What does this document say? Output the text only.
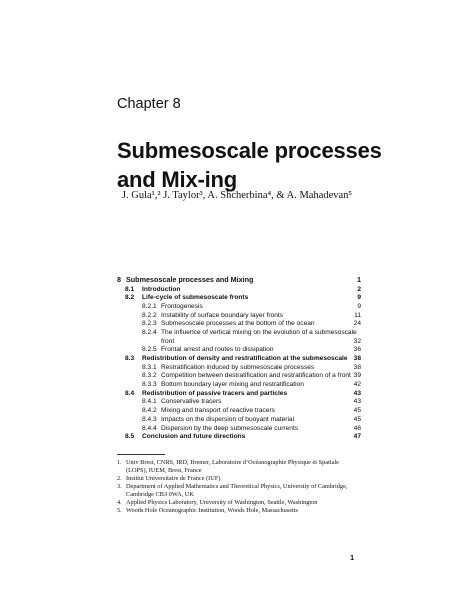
Chapter 8
Submesoscale processes and Mix-ing
J. Gula¹,² J. Taylor³, A. Shcherbina⁴, & A. Mahadevan⁵
8 Submesoscale processes and Mixing	1
8.1 Introduction	2
8.2 Life-cycle of submesoscale fronts	9
8.2.1 Frontogenesis	9
8.2.2 Instability of surface boundary layer fronts	11
8.2.3 Submesoscale processes at the bottom of the ocean	24
8.2.4 The influence of vertical mixing on the evolution of a submesoscale
front	32
8.2.5 Frontal arrest and routes to dissipation	36
8.3 Redistribution of density and restratification at the submesoscale 38
8.3.1 Restratification induced by submesoscale processes	38
8.3.2 Competition between destratification and restratification of a front 39
8.3.3 Bottom boundary layer mixing and restratification	42
8.4 Redistribution of passive tracers and particles	43
8.4.1 Conservative tracers	43
8.4.2 Mixing and transport of reactive tracers	45
8.4.3 Impacts on the dispersion of buoyant material	45
8.4.4 Dispersion by the deep submesoscale currents	46
8.5 Conclusion and future directions	47
1. Univ Brest, CNRS, IRD, Ifremer, Laboratoire d’Océanographie Physique et Spatiale (LOPS), IUEM, Brest, France
2. Institut Universitaire de France (IUF)
3. Department of Applied Mathematics and Theoretical Physics, University of Cambridge, Cambridge CB3 0WA, UK
4. Applied Physics Laboratory, University of Washington, Seattle, Washington
5. Woods Hole Oceanographic Institution, Woods Hole, Massachusetts
1
